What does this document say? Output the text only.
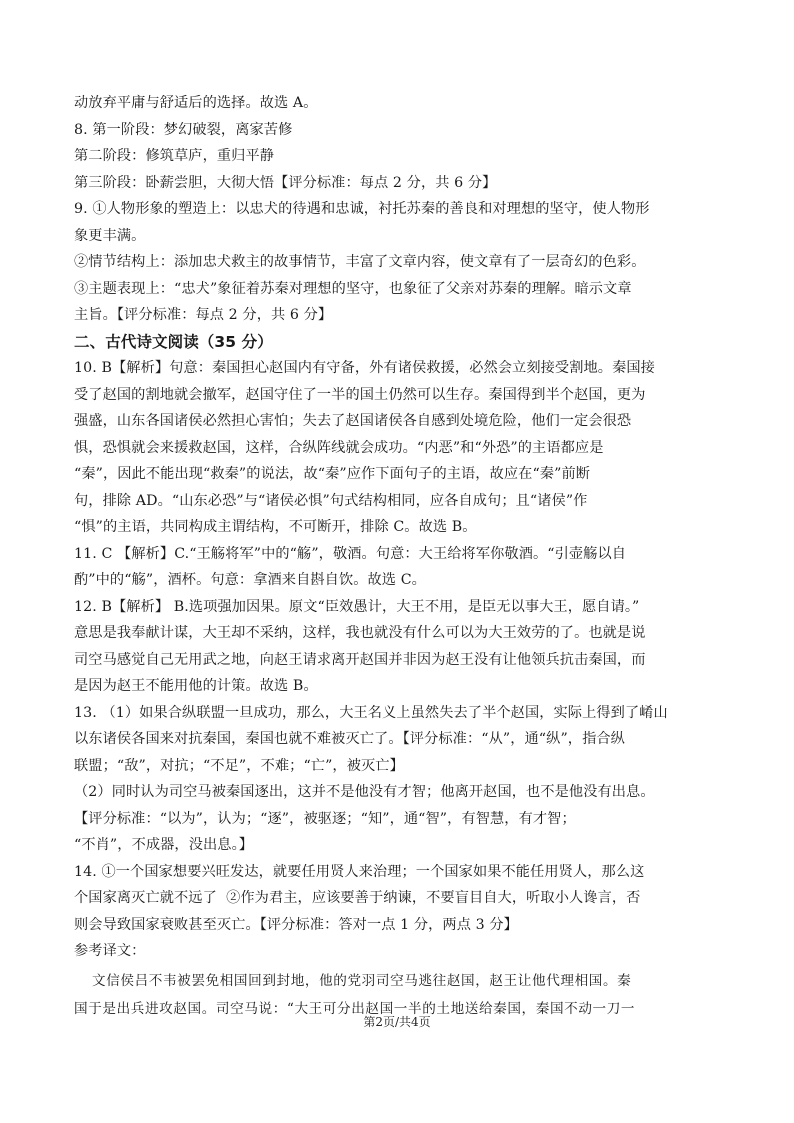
动放弃平庸与舒适后的选择。故选 A。
8. 第一阶段：梦幻破裂，离家苦修
第二阶段：修筑草庐，重归平静
第三阶段：卧薪尝胆，大彻大悟【评分标准：每点 2 分，共 6 分】
9. ①人物形象的塑造上：以忠犬的待遇和忠诚，衬托苏秦的善良和对理想的坚守，使人物形
象更丰满。
②情节结构上：添加忠犬救主的故事情节，丰富了文章内容，使文章有了一层奇幻的色彩。
③主题表现上：“忠犬”象征着苏秦对理想的坚守，也象征了父亲对苏秦的理解。暗示文章
主旨。【评分标准：每点 2 分，共 6 分】
二、古代诗文阅读（35 分）
10. B【解析】句意：秦国担心赵国内有守备，外有诸侯救援，必然会立刻接受割地。秦国接
受了赵国的割地就会撤军，赵国守住了一半的国土仍然可以生存。秦国得到半个赵国，更为
强盛，山东各国诸侯必然担心害怕；失去了赵国诸侯各自感到处境危险，他们一定会很恐
惧，恐惧就会来援救赵国，这样，合纵阵线就会成功。“内恶”和“外恐”的主语都应是
“秦”，因此不能出现“救秦”的说法，故“秦”应作下面句子的主语，故应在“秦”前断
句，排除 AD。“山东必恐”与“诸侯必惧”句式结构相同，应各自成句；且“诸侯”作
“惧”的主语，共同构成主谓结构，不可断开，排除 C。故选 B。
11. C 【解析】C.“王觞将军”中的“觞”，敬酒。句意：大王给将军你敬酒。“引壶觞以自
酌”中的“觞”，酒杯。句意：拿酒来自斟自饮。故选 C。
12. B【解析】 B.选项强加因果。原文“臣效愚计，大王不用，是臣无以事大王，愿自请。”
意思是我奉献计谋，大王却不采纳，这样，我也就没有什么可以为大王效劳的了。也就是说
司空马感觉自己无用武之地，向赵王请求离开赵国并非因为赵王没有让他领兵抗击秦国，而
是因为赵王不能用他的计策。故选 B。
13. （1）如果合纵联盟一旦成功，那么，大王名义上虽然失去了半个赵国，实际上得到了崤山
以东诸侯各国来对抗秦国，秦国也就不难被灭亡了。【评分标准：“从”，通“纵”，指合纵
联盟；“敌”，对抗；“不足”，不难；“亡”，被灭亡】
（2）同时认为司空马被秦国逐出，这并不是他没有才智；他离开赵国，也不是他没有出息。
【评分标准：“以为”，认为；“逐”，被驱逐；“知”，通“智”，有智慧，有才智；
“不肖”，不成器，没出息。】
14. ①一个国家想要兴旺发达，就要任用贤人来治理；一个国家如果不能任用贤人，那么这
个国家离灭亡就不远了  ②作为君主，应该要善于纳谏，不要盲目自大，听取小人谗言，否
则会导致国家衰败甚至灭亡。【评分标准：答对一点 1 分，两点 3 分】
参考译文：
文信侯吕不韦被罢免相国回到封地，他的党羽司空马逃往赵国，赵王让他代理相国。秦
国于是出兵进攻赵国。司空马说：“大王可分出赵国一半的土地送给秦国，秦国不动一刀一
第2页/共4页
